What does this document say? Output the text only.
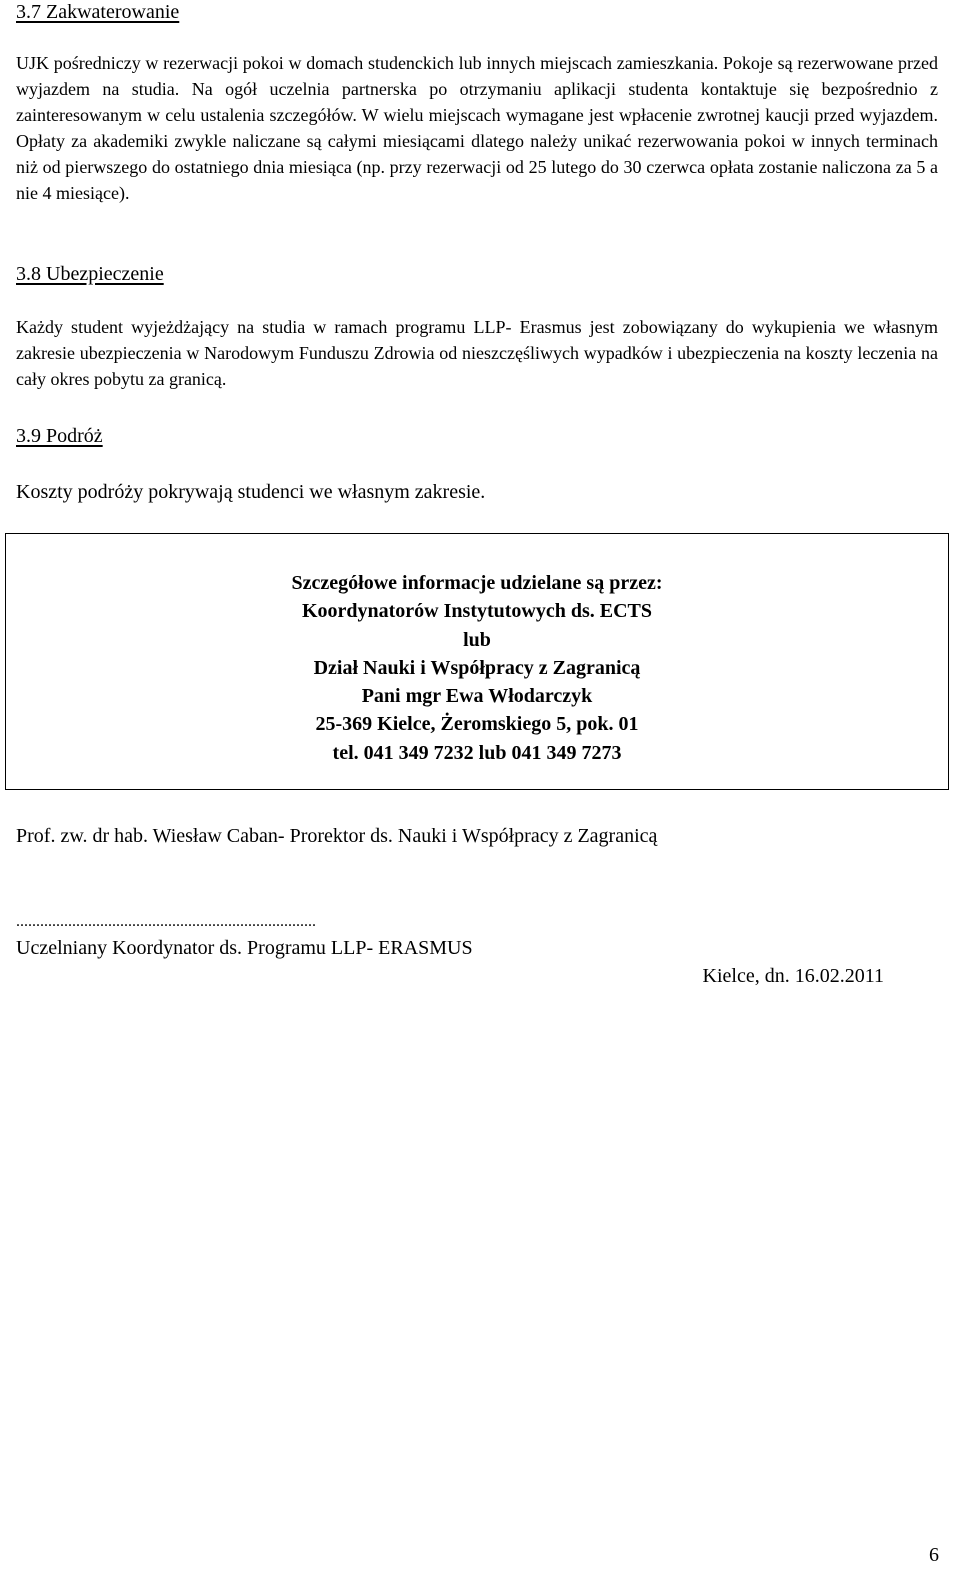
3.7 Zakwaterowanie

UJK pośredniczy w rezerwacji pokoi w domach studenckich lub innych miejscach zamieszkania. Pokoje są rezerwowane przed wyjazdem na studia. Na ogół uczelnia partnerska po otrzymaniu aplikacji studenta kontaktuje się bezpośrednio z zainteresowanym w celu ustalenia szczegółów. W wielu miejscach wymagane jest wpłacenie zwrotnej kaucji przed wyjazdem. Opłaty za akademiki zwykle naliczane są całymi miesiącami dlatego należy unikać rezerwowania pokoi w innych terminach niż od pierwszego do ostatniego dnia miesiąca (np. przy rezerwacji od 25 lutego do 30 czerwca opłata zostanie naliczona za 5 a nie 4 miesiące).

3.8 Ubezpieczenie

Każdy student wyjeżdżający na studia w ramach programu LLP- Erasmus jest zobowiązany do wykupienia we własnym zakresie ubezpieczenia w Narodowym Funduszu Zdrowia od nieszczęśliwych wypadków i ubezpieczenia na koszty leczenia na cały okres pobytu za granicą.

3.9 Podróż
Koszty podróży pokrywają studenci we własnym zakresie.
Szczegółowe informacje udzielane są przez:
Koordynatorów Instytutowych ds. ECTS
lub
Dział Nauki i Współpracy z Zagranicą
Pani mgr Ewa Włodarczyk
25-369 Kielce, Żeromskiego 5, pok. 01
tel. 041 349 7232 lub 041 349 7273
Prof. zw. dr hab. Wiesław Caban- Prorektor ds. Nauki i Współpracy z Zagranicą
...........................................................................
Uczelniany Koordynator ds. Programu LLP- ERASMUS
Kielce, dn. 16.02.2011
6
